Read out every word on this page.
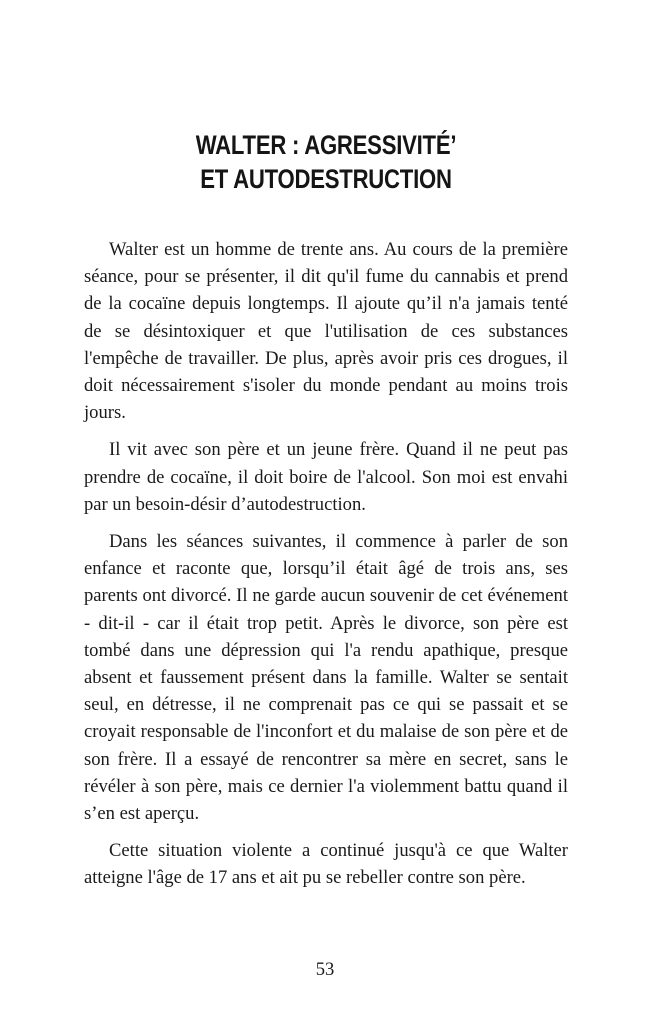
WALTER : AGRESSIVITÉ’
ET AUTODESTRUCTION

Walter est un homme de trente ans. Au cours de la première séance, pour se présenter, il dit qu'il fume du cannabis et prend de la cocaïne depuis longtemps. Il ajoute qu’il n'a jamais tenté de se désintoxiquer et que l'utilisation de ces substances l'empêche de travailler. De plus, après avoir pris ces drogues, il doit nécessairement s'isoler du monde pendant au moins trois jours.

Il vit avec son père et un jeune frère. Quand il ne peut pas prendre de cocaïne, il doit boire de l'alcool. Son moi est envahi par un besoin-désir d’autodestruction.

Dans les séances suivantes, il commence à parler de son enfance et raconte que, lorsqu’il était âgé de trois ans, ses parents ont divorcé. Il ne garde aucun souvenir de cet événement - dit-il - car il était trop petit. Après le divorce, son père est tombé dans une dépression qui l'a rendu apathique, presque absent et faussement présent dans la famille. Walter se sentait seul, en détresse, il ne comprenait pas ce qui se passait et se croyait responsable de l'inconfort et du malaise de son père et de son frère. Il a essayé de rencontrer sa mère en secret, sans le révéler à son père, mais ce dernier l'a violemment battu quand il s’en est aperçu.

Cette situation violente a continué jusqu'à ce que Walter atteigne l'âge de 17 ans et ait pu se rebeller contre son père.

53
